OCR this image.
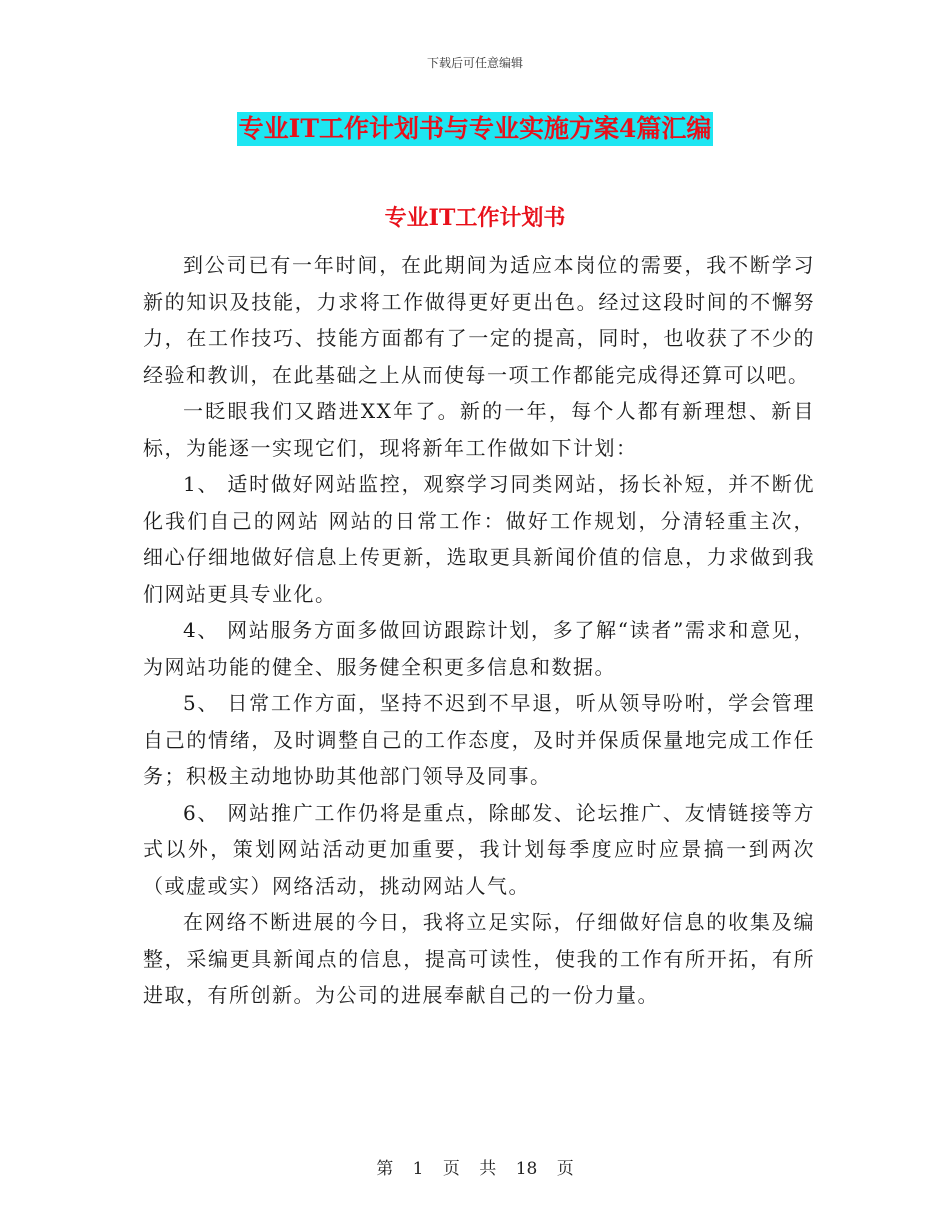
下载后可任意编辑
专业IT工作计划书与专业实施方案4篇汇编
专业IT工作计划书

到公司已有一年时间，在此期间为适应本岗位的需要，我不断学习新的知识及技能，力求将工作做得更好更出色。经过这段时间的不懈努力，在工作技巧、技能方面都有了一定的提高，同时，也收获了不少的经验和教训，在此基础之上从而使每一项工作都能完成得还算可以吧。

一眨眼我们又踏进XX年了。新的一年，每个人都有新理想、新目标，为能逐一实现它们，现将新年工作做如下计划：

1、 适时做好网站监控，观察学习同类网站，扬长补短，并不断优化我们自己的网站 网站的日常工作：做好工作规划，分清轻重主次，细心仔细地做好信息上传更新，选取更具新闻价值的信息，力求做到我们网站更具专业化。

4、 网站服务方面多做回访跟踪计划，多了解“读者”需求和意见，为网站功能的健全、服务健全积更多信息和数据。

5、 日常工作方面，坚持不迟到不早退，听从领导吩咐，学会管理自己的情绪，及时调整自己的工作态度，及时并保质保量地完成工作任务；积极主动地协助其他部门领导及同事。

6、 网站推广工作仍将是重点，除邮发、论坛推广、友情链接等方式以外，策划网站活动更加重要，我计划每季度应时应景搞一到两次（或虚或实）网络活动，挑动网站人气。

在网络不断进展的今日，我将立足实际，仔细做好信息的收集及编整，采编更具新闻点的信息，提高可读性，使我的工作有所开拓，有所进取，有所创新。为公司的进展奉献自己的一份力量。

第 1 页 共 18 页
